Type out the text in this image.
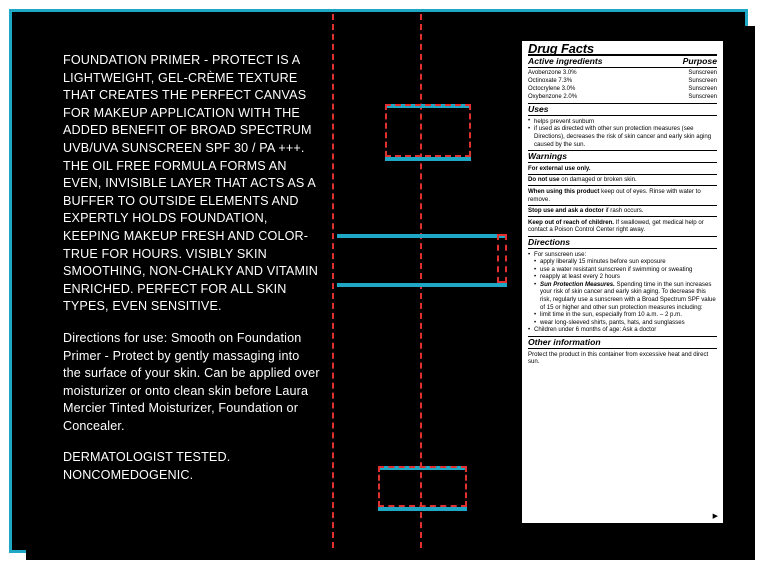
FOUNDATION PRIMER - PROTECT IS A LIGHTWEIGHT, GEL-CRÈME TEXTURE THAT CREATES THE PERFECT CANVAS FOR MAKEUP APPLICATION WITH THE ADDED BENEFIT OF BROAD SPECTRUM UVB/UVA SUNSCREEN SPF 30 / PA +++. THE OIL FREE FORMULA FORMS AN EVEN, INVISIBLE LAYER THAT ACTS AS A BUFFER TO OUTSIDE ELEMENTS AND EXPERTLY HOLDS FOUNDATION, KEEPING MAKEUP FRESH AND COLOR-TRUE FOR HOURS. VISIBLY SKIN SMOOTHING, NON-CHALKY AND VITAMIN ENRICHED. PERFECT FOR ALL SKIN TYPES, EVEN SENSITIVE.

Directions for use: Smooth on Foundation Primer - Protect by gently massaging into the surface of your skin. Can be applied over moisturizer or onto clean skin before Laura Mercier Tinted Moisturizer, Foundation or Concealer.

DERMATOLOGIST TESTED. NONCOMEDOGENIC.

Drug Facts
Active ingredients	Purpose
Avobenzone 3.0%	Sunscreen
Octinoxate 7.3%	Sunscreen
Octocrylene 3.0%	Sunscreen
Oxybenzone 2.0%	Sunscreen
Uses
• helps prevent sunburn
• if used as directed with other sun protection measures (see Directions), decreases the risk of skin cancer and early skin aging caused by the sun.
Warnings
For external use only.
Do not use on damaged or broken skin.
When using this product keep out of eyes. Rinse with water to remove.
Stop use and ask a doctor if rash occurs.
Keep out of reach of children. If swallowed, get medical help or contact a Poison Control Center right away.
Directions
• For sunscreen use:
• apply liberally 15 minutes before sun exposure
• use a water resistant sunscreen if swimming or sweating
• reapply at least every 2 hours
• Sun Protection Measures. Spending time in the sun increases your risk of skin cancer and early skin aging. To decrease this risk, regularly use a sunscreen with a Broad Spectrum SPF value of 15 or higher and other sun protection measures including:
• limit time in the sun, especially from 10 a.m. – 2 p.m.
• wear long-sleeved shirts, pants, hats, and sunglasses
• Children under 6 months of age: Ask a doctor
Other information
Protect the product in this container from excessive heat and direct sun.
▶
